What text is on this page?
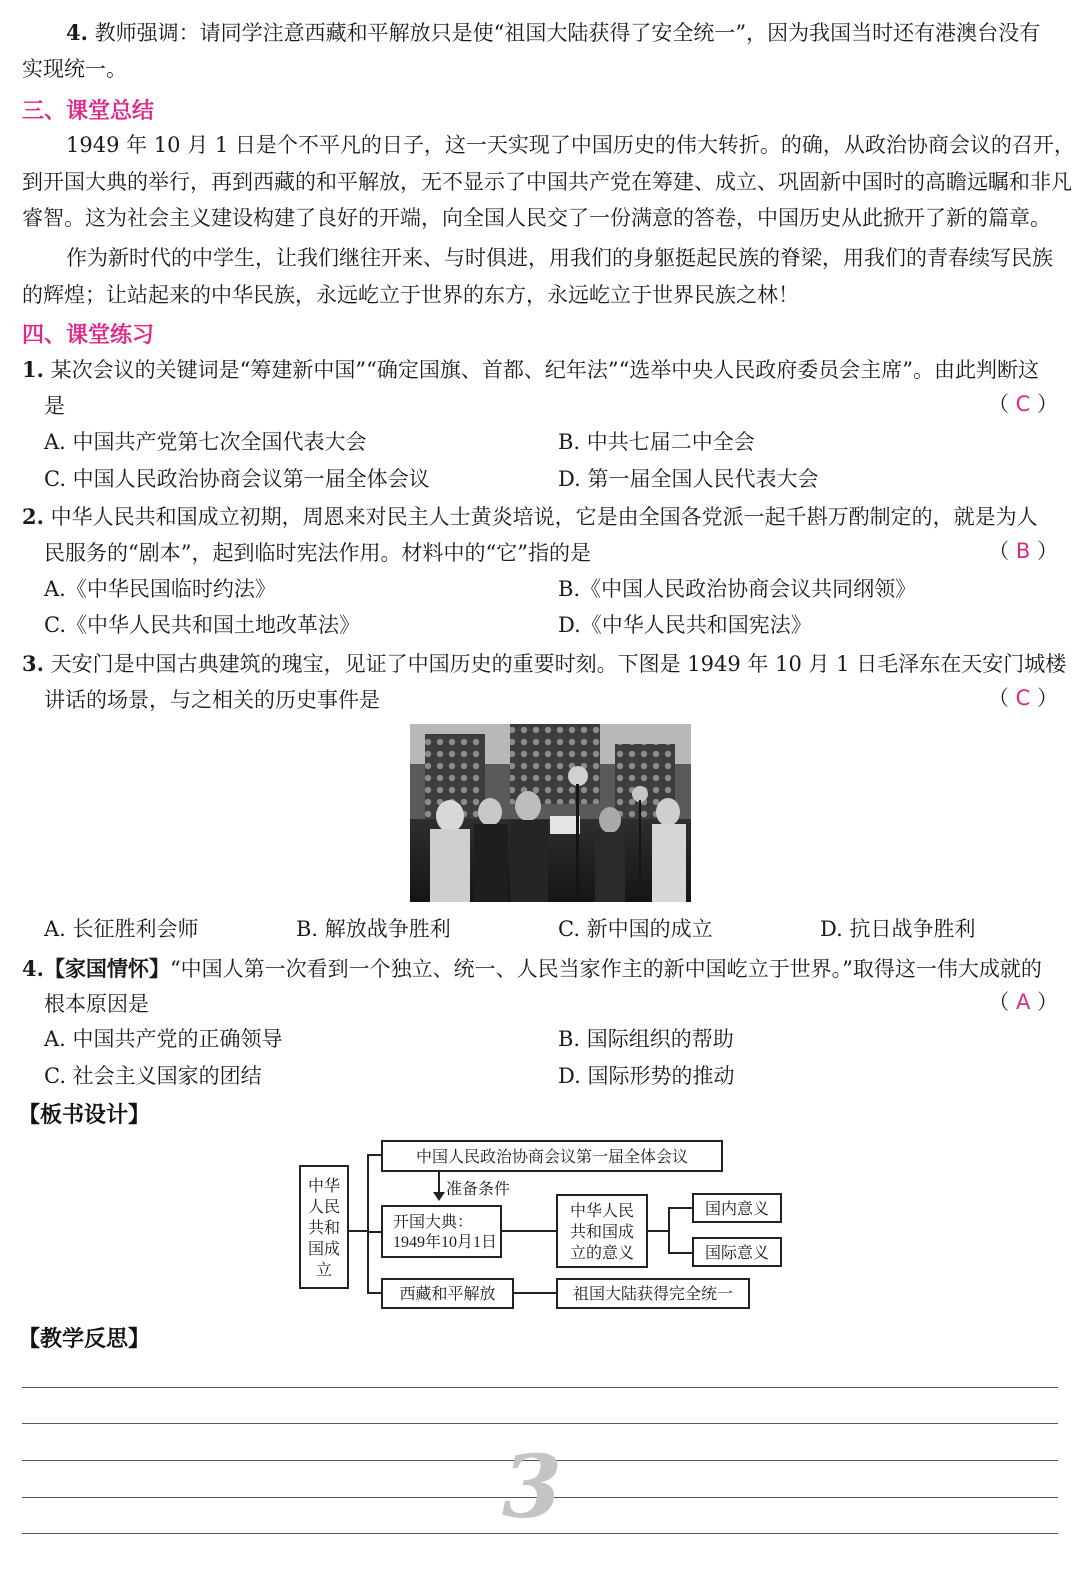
4. 教师强调：请同学注意西藏和平解放只是使“祖国大陆获得了安全统一”，因为我国当时还有港澳台没有
实现统一。
三、课堂总结
1949 年 10 月 1 日是个不平凡的日子，这一天实现了中国历史的伟大转折。的确，从政治协商会议的召开，
到开国大典的举行，再到西藏的和平解放，无不显示了中国共产党在筹建、成立、巩固新中国时的高瞻远瞩和非凡
睿智。这为社会主义建设构建了良好的开端，向全国人民交了一份满意的答卷，中国历史从此掀开了新的篇章。
作为新时代的中学生，让我们继往开来、与时俱进，用我们的身躯挺起民族的脊梁，用我们的青春续写民族
的辉煌；让站起来的中华民族，永远屹立于世界的东方，永远屹立于世界民族之林！
四、课堂练习
1. 某次会议的关键词是“筹建新中国”“确定国旗、首都、纪年法”“选举中央人民政府委员会主席”。由此判断这
是	（ C ）
A. 中国共产党第七次全国代表大会	B. 中共七届二中全会
C. 中国人民政治协商会议第一届全体会议	D. 第一届全国人民代表大会
2. 中华人民共和国成立初期，周恩来对民主人士黄炎培说，它是由全国各党派一起千斟万酌制定的，就是为人
民服务的“剧本”，起到临时宪法作用。材料中的“它”指的是	（ B ）
A.《中华民国临时约法》	B.《中国人民政治协商会议共同纲领》
C.《中华人民共和国土地改革法》	D.《中华人民共和国宪法》
3. 天安门是中国古典建筑的瑰宝，见证了中国历史的重要时刻。下图是 1949 年 10 月 1 日毛泽东在天安门城楼
讲话的场景，与之相关的历史事件是	（ C ）
A. 长征胜利会师	B. 解放战争胜利	C. 新中国的成立	D. 抗日战争胜利
4.【家国情怀】“中国人第一次看到一个独立、统一、人民当家作主的新中国屹立于世界。”取得这一伟大成就的
根本原因是	（ A ）
A. 中国共产党的正确领导	B. 国际组织的帮助
C. 社会主义国家的团结	D. 国际形势的推动
【板书设计】
中华人民共和国成立
中国人民政治协商会议第一届全体会议
准备条件
开国大典：
1949年10月1日
中华人民共和国成立的意义
国内意义
国际意义
西藏和平解放	祖国大陆获得完全统一
【教学反思】
3
